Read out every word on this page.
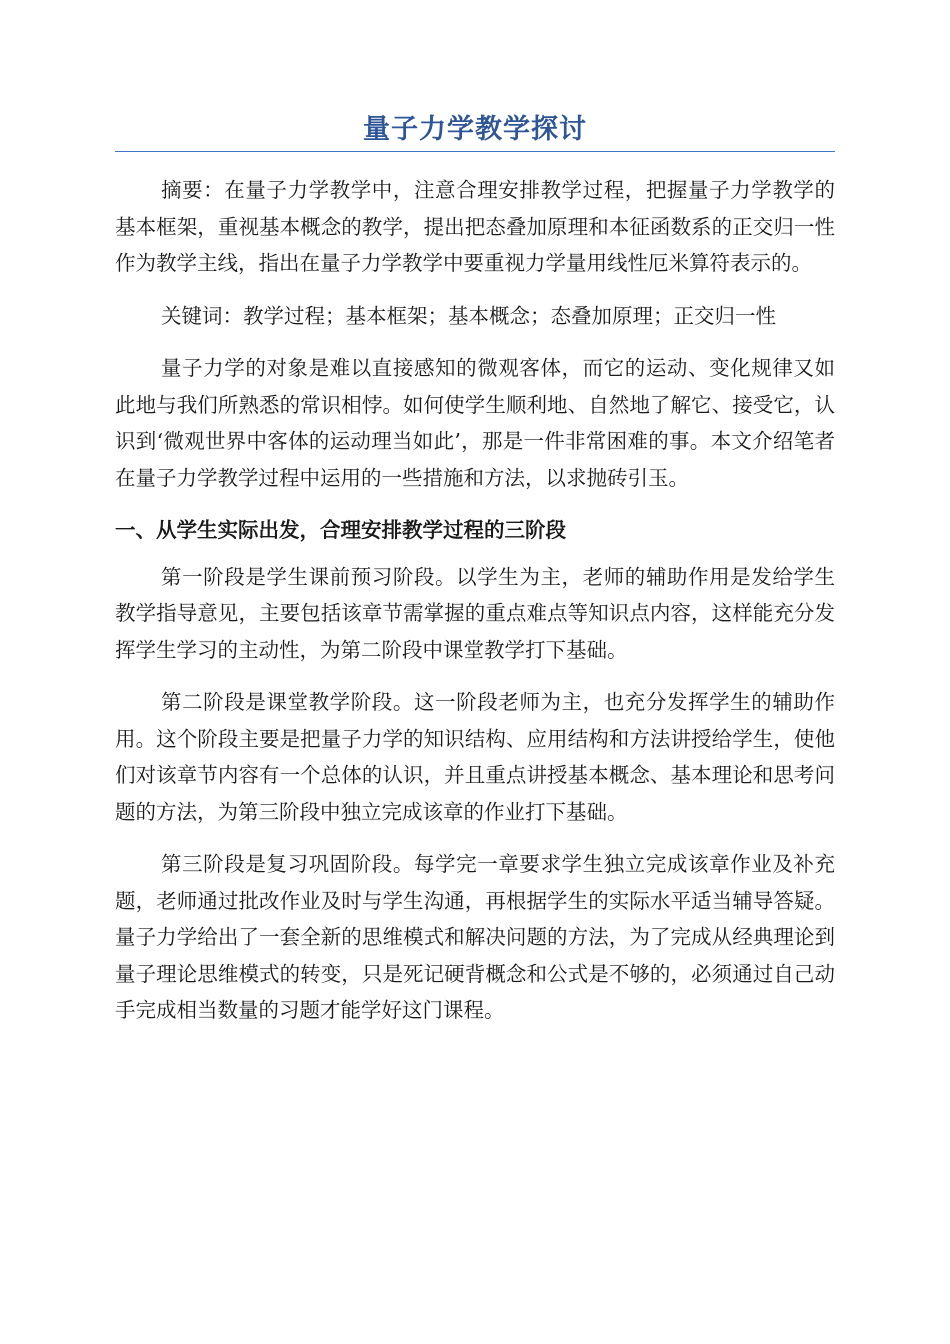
量子力学教学探讨

摘要：在量子力学教学中，注意合理安排教学过程，把握量子力学教学的基本框架，重视基本概念的教学，提出把态叠加原理和本征函数系的正交归一性作为教学主线，指出在量子力学教学中要重视力学量用线性厄米算符表示的。

关键词：教学过程；基本框架；基本概念；态叠加原理；正交归一性

量子力学的对象是难以直接感知的微观客体，而它的运动、变化规律又如此地与我们所熟悉的常识相悖。如何使学生顺利地、自然地了解它、接受它，认识到‘微观世界中客体的运动理当如此’，那是一件非常困难的事。本文介绍笔者在量子力学教学过程中运用的一些措施和方法，以求抛砖引玉。

一、从学生实际出发，合理安排教学过程的三阶段

第一阶段是学生课前预习阶段。以学生为主，老师的辅助作用是发给学生教学指导意见，主要包括该章节需掌握的重点难点等知识点内容，这样能充分发挥学生学习的主动性，为第二阶段中课堂教学打下基础。

第二阶段是课堂教学阶段。这一阶段老师为主，也充分发挥学生的辅助作用。这个阶段主要是把量子力学的知识结构、应用结构和方法讲授给学生，使他们对该章节内容有一个总体的认识，并且重点讲授基本概念、基本理论和思考问题的方法，为第三阶段中独立完成该章的作业打下基础。

第三阶段是复习巩固阶段。每学完一章要求学生独立完成该章作业及补充题，老师通过批改作业及时与学生沟通，再根据学生的实际水平适当辅导答疑。量子力学给出了一套全新的思维模式和解决问题的方法，为了完成从经典理论到量子理论思维模式的转变，只是死记硬背概念和公式是不够的，必须通过自己动手完成相当数量的习题才能学好这门课程。
